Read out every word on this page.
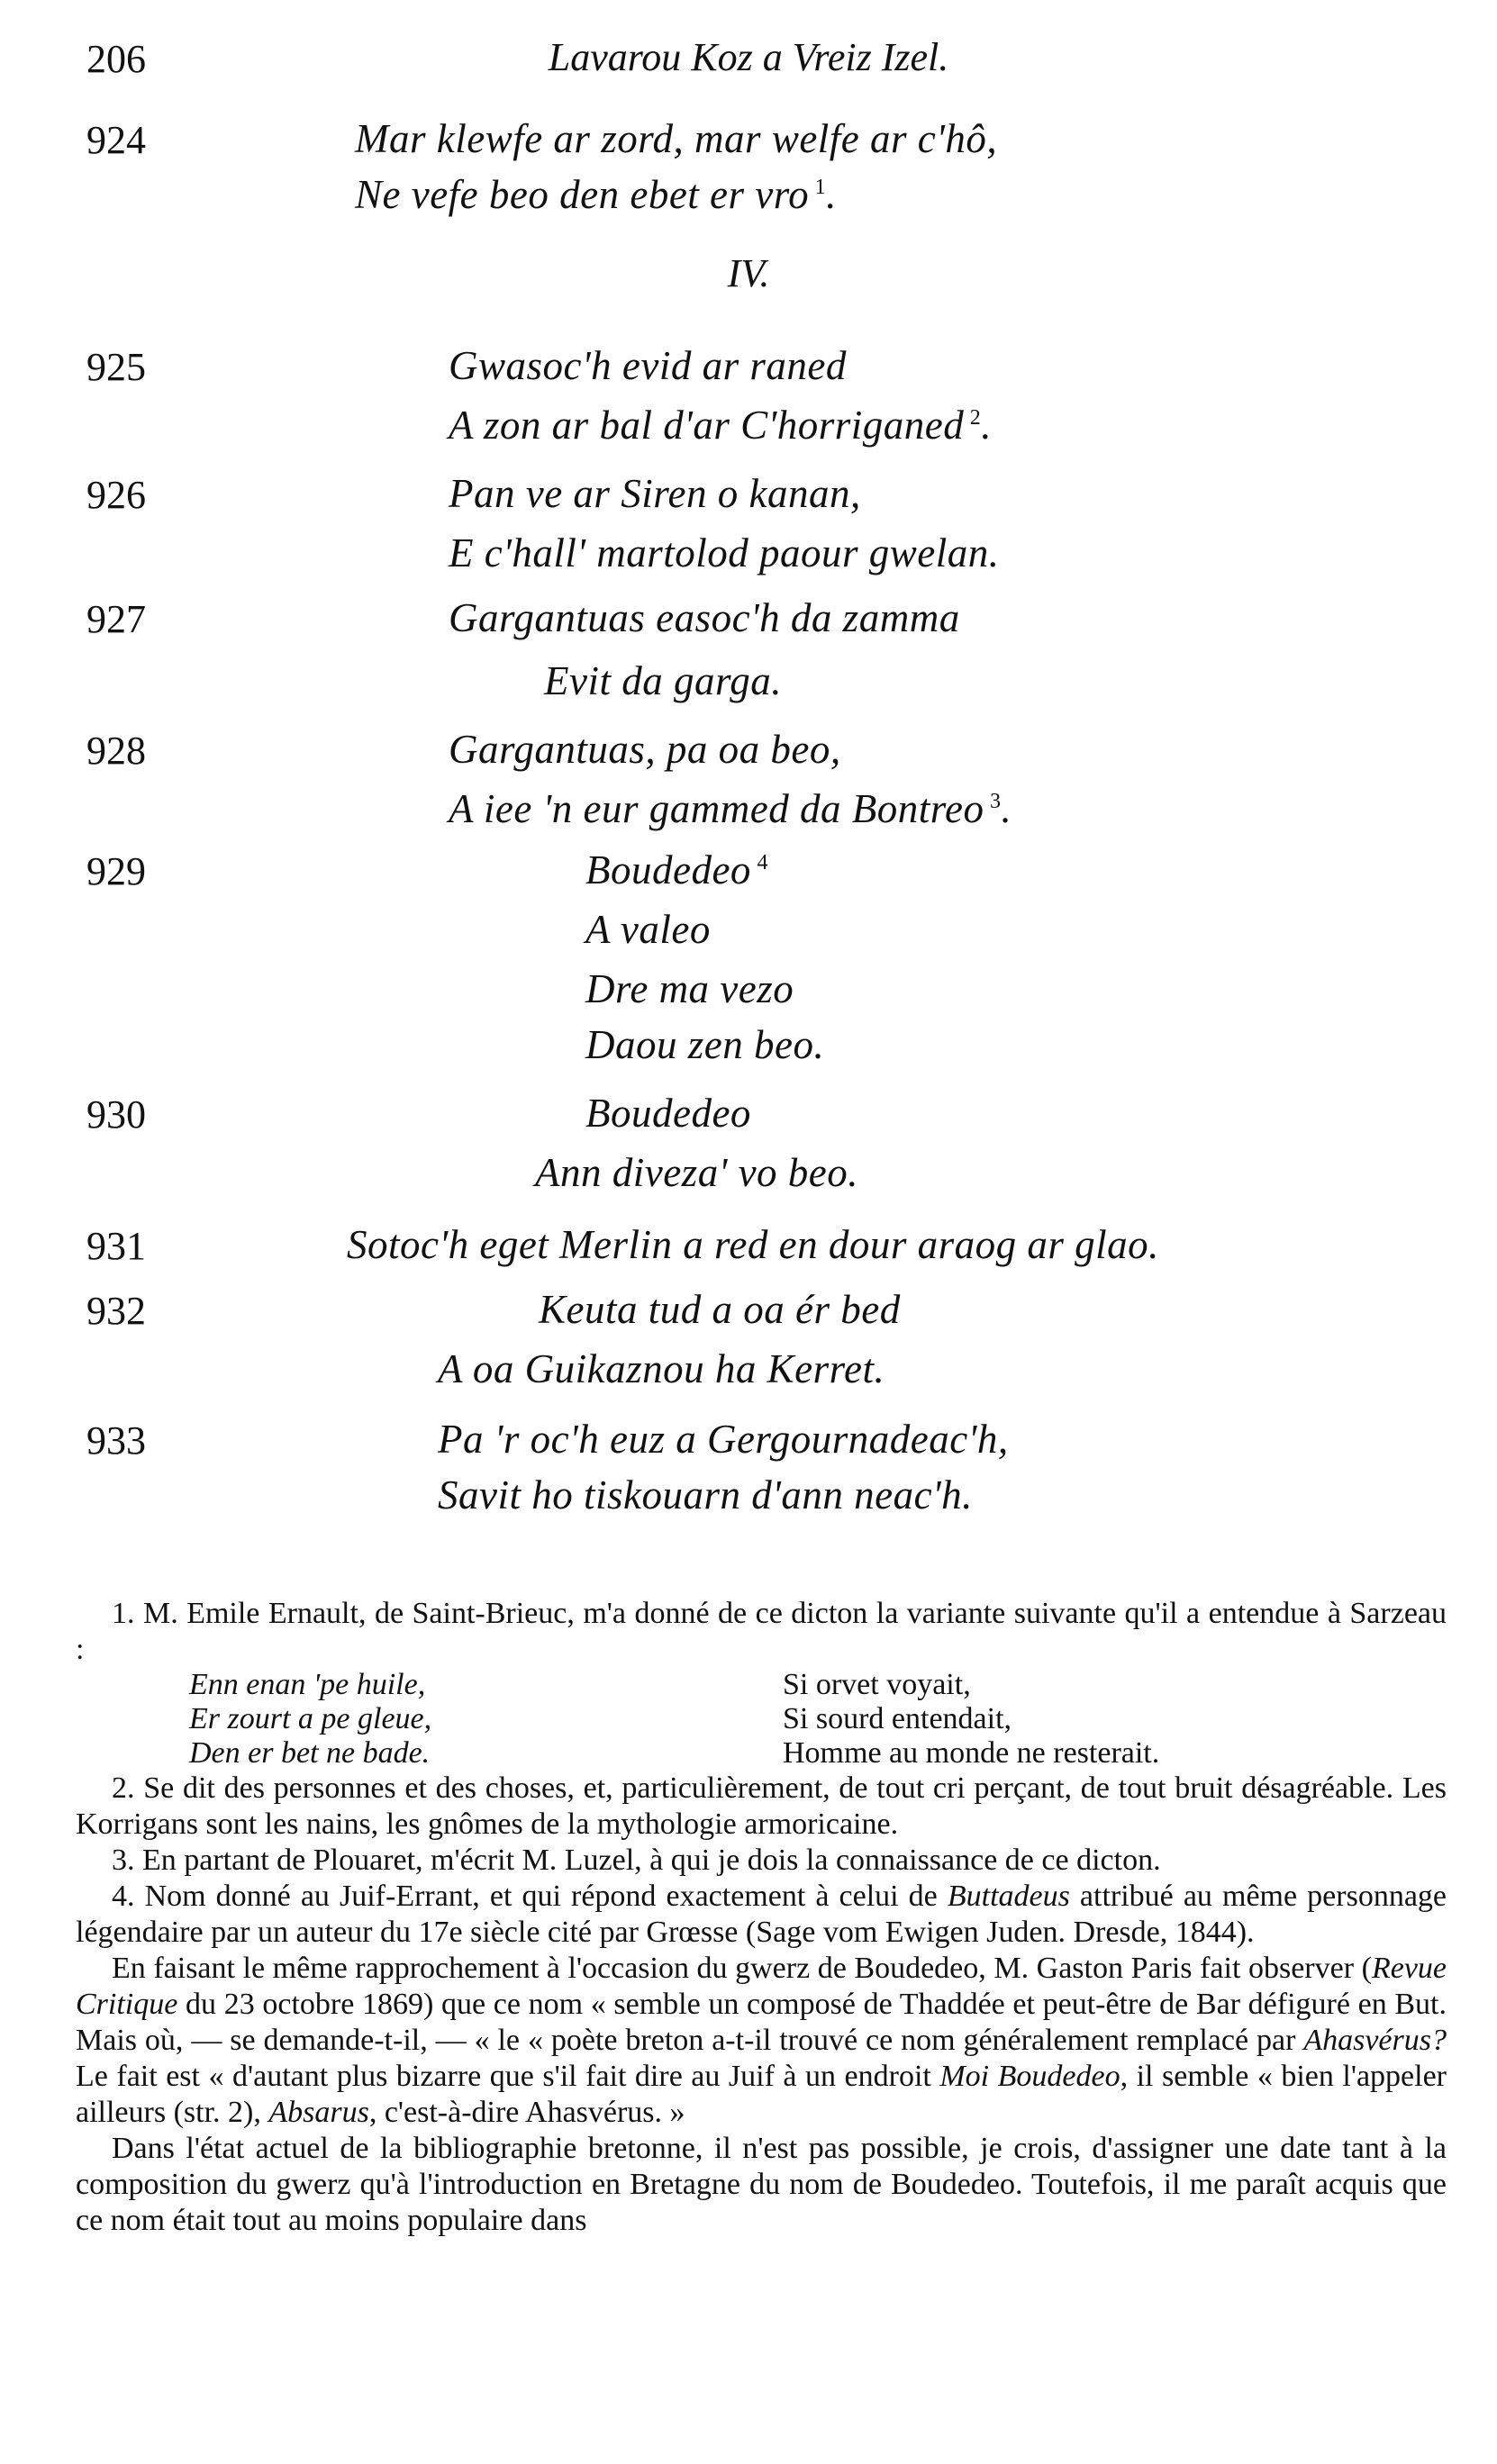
206	Lavarou Koz a Vreiz Izel.
IV.
924	Mar klewfe ar zord, mar welfe ar c'hô,
Ne vefe beo den ebet er vro $^1$.
925	Gwasoc'h evid ar raned
A zon ar bal d'ar C'horriganed $^2$.
926	Pan ve ar Siren o kanan,
E c'hall' martolod paour gwelan.
927	Gargantuas easoc'h da zamma
Evit da garga.
928	Gargantuas, pa oa beo,
A iee 'n eur gammed da Bontreo $^3$.
929	Boudedeo $^4$
A valeo
Dre ma vezo
Daou zen beo.
930	Boudedeo
Ann diveza' vo beo.
931	Sotoc'h eget Merlin a red en dour araog ar glao.
932	Keuta tud a oa ér bed
A oa Guikaznou ha Kerret.
933	Pa 'r oc'h euz a Gergournadeac'h,
Savit ho tiskouarn d'ann neac'h.

1. M. Emile Ernault, de Saint-Brieuc, m'a donné de ce dicton la variante suivante qu'il a entendue à Sarzeau :

Enn enan 'pe huile,	Si orvet voyait,
Er zourt a pe gleue,	Si sourd entendait,
Den er bet ne bade.	Homme au monde ne resterait.

2. Se dit des personnes et des choses, et, particulièrement, de tout cri perçant, de tout bruit désagréable. Les Korrigans sont les nains, les gnômes de la mythologie armoricaine.

3. En partant de Plouaret, m'écrit M. Luzel, à qui je dois la connaissance de ce dicton.

4. Nom donné au Juif-Errant, et qui répond exactement à celui de Buttadeus attribué au même personnage légendaire par un auteur du 17e siècle cité par Grœsse (Sage vom Ewigen Juden. Dresde, 1844).

En faisant le même rapprochement à l'occasion du gwerz de Boudedeo, M. Gaston Paris fait observer (Revue Critique du 23 octobre 1869) que ce nom « semble un composé de Thaddée et peut-être de Bar défiguré en But. Mais où, — se demande-t-il, — « le « poète breton a-t-il trouvé ce nom généralement remplacé par Ahasvérus? Le fait est « d'autant plus bizarre que s'il fait dire au Juif à un endroit Moi Boudedeo, il semble « bien l'appeler ailleurs (str. 2), Absarus, c'est-à-dire Ahasvérus. »

Dans l'état actuel de la bibliographie bretonne, il n'est pas possible, je crois, d'assigner une date tant à la composition du gwerz qu'à l'introduction en Bretagne du nom de Boudedeo. Toutefois, il me paraît acquis que ce nom était tout au moins populaire dans
